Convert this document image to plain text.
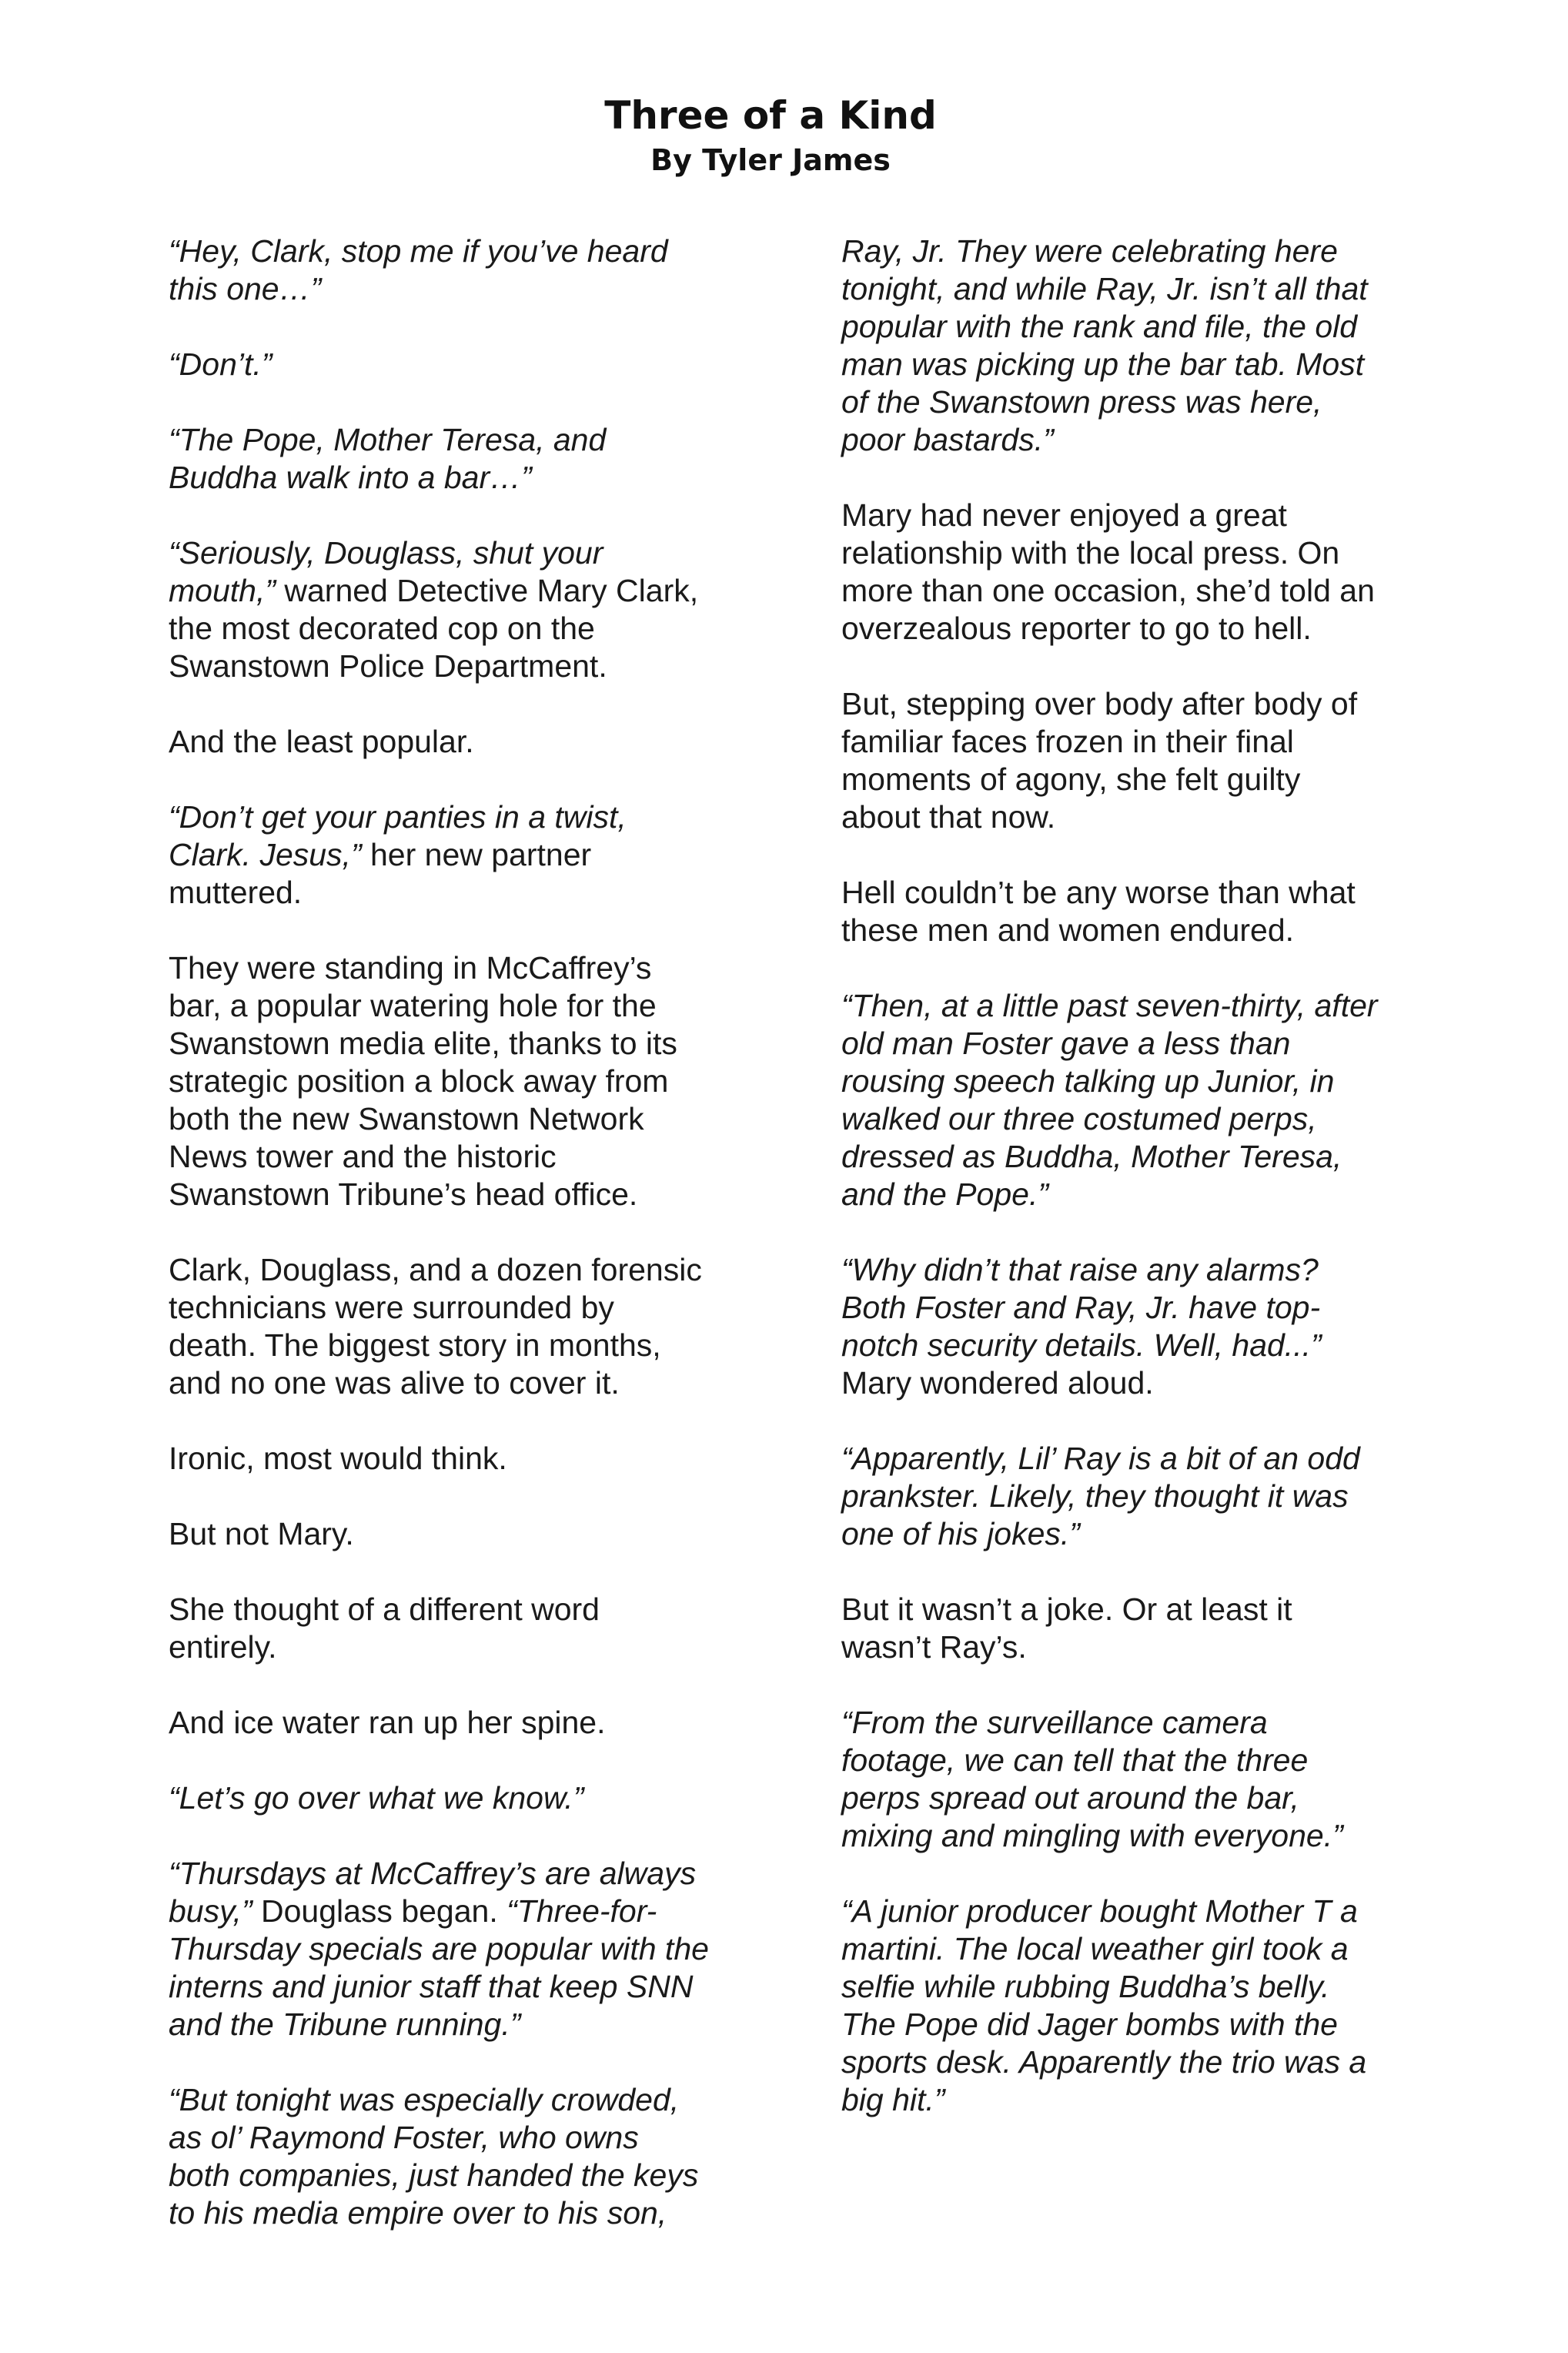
Three of a Kind
By Tyler James

“Hey, Clark, stop me if you’ve heard
this one…”

“Don’t.”

“The Pope, Mother Teresa, and
Buddha walk into a bar…”

“Seriously, Douglass, shut your
mouth,” warned Detective Mary Clark,
the most decorated cop on the
Swanstown Police Department.

And the least popular.

“Don’t get your panties in a twist,
Clark. Jesus,” her new partner
muttered.

They were standing in McCaffrey’s
bar, a popular watering hole for the
Swanstown media elite, thanks to its
strategic position a block away from
both the new Swanstown Network
News tower and the historic
Swanstown Tribune’s head office.

Clark, Douglass, and a dozen forensic
technicians were surrounded by
death. The biggest story in months,
and no one was alive to cover it.

Ironic, most would think.

But not Mary.

She thought of a different word
entirely.

And ice water ran up her spine.

“Let’s go over what we know.”

“Thursdays at McCaffrey’s are always
busy,” Douglass began. “Three-for-
Thursday specials are popular with the
interns and junior staff that keep SNN
and the Tribune running.”

“But tonight was especially crowded,
as ol’ Raymond Foster, who owns
both companies, just handed the keys
to his media empire over to his son,

Ray, Jr. They were celebrating here
tonight, and while Ray, Jr. isn’t all that
popular with the rank and file, the old
man was picking up the bar tab. Most
of the Swanstown press was here,
poor bastards.”

Mary had never enjoyed a great
relationship with the local press. On
more than one occasion, she’d told an
overzealous reporter to go to hell.

But, stepping over body after body of
familiar faces frozen in their final
moments of agony, she felt guilty
about that now.

Hell couldn’t be any worse than what
these men and women endured.

“Then, at a little past seven-thirty, after
old man Foster gave a less than
rousing speech talking up Junior, in
walked our three costumed perps,
dressed as Buddha, Mother Teresa,
and the Pope.”

“Why didn’t that raise any alarms?
Both Foster and Ray, Jr. have top-
notch security details. Well, had...”
Mary wondered aloud.

“Apparently, Lil’ Ray is a bit of an odd
prankster. Likely, they thought it was
one of his jokes.”

But it wasn’t a joke. Or at least it
wasn’t Ray’s.

“From the surveillance camera
footage, we can tell that the three
perps spread out around the bar,
mixing and mingling with everyone.”

“A junior producer bought Mother T a
martini. The local weather girl took a
selfie while rubbing Buddha’s belly.
The Pope did Jager bombs with the
sports desk. Apparently the trio was a
big hit.”
